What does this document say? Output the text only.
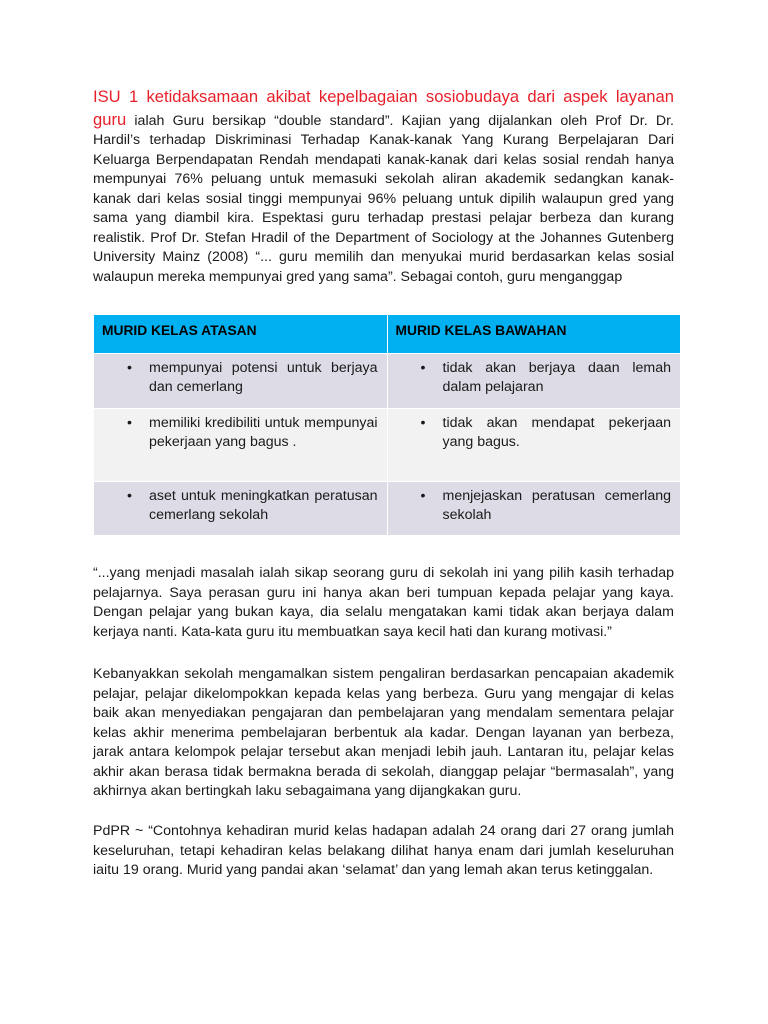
ISU 1 ketidaksamaan akibat kepelbagaian sosiobudaya dari aspek layanan guru ialah Guru bersikap “double standard”. Kajian yang dijalankan oleh Prof Dr. Dr. Hardil’s terhadap Diskriminasi Terhadap Kanak-kanak Yang Kurang Berpelajaran Dari Keluarga Berpendapatan Rendah mendapati kanak-kanak dari kelas sosial rendah hanya mempunyai 76% peluang untuk memasuki sekolah aliran akademik sedangkan kanak-kanak dari kelas sosial tinggi mempunyai 96% peluang untuk dipilih walaupun gred yang sama yang diambil kira. Espektasi guru terhadap prestasi pelajar berbeza dan kurang realistik. Prof Dr. Stefan Hradil of the Department of Sociology at the Johannes Gutenberg University Mainz (2008) “... guru memilih dan menyukai murid berdasarkan kelas sosial walaupun mereka mempunyai gred yang sama”. Sebagai contoh, guru menganggap

MURID KELAS ATASAN	MURID KELAS BAWAHAN

• mempunyai potensi untuk berjaya dan cemerlang	• tidak akan berjaya daan lemah dalam pelajaran

• memiliki kredibiliti untuk mempunyai pekerjaan yang bagus .	• tidak akan mendapat pekerjaan yang bagus.

• aset untuk meningkatkan peratusan cemerlang sekolah	• menjejaskan peratusan cemerlang sekolah

“...yang menjadi masalah ialah sikap seorang guru di sekolah ini yang pilih kasih terhadap pelajarnya. Saya perasan guru ini hanya akan beri tumpuan kepada pelajar yang kaya. Dengan pelajar yang bukan kaya, dia selalu mengatakan kami tidak akan berjaya dalam kerjaya nanti. Kata-kata guru itu membuatkan saya kecil hati dan kurang motivasi.”

Kebanyakkan sekolah mengamalkan sistem pengaliran berdasarkan pencapaian akademik pelajar, pelajar dikelompokkan kepada kelas yang berbeza. Guru yang mengajar di kelas baik akan menyediakan pengajaran dan pembelajaran yang mendalam sementara pelajar kelas akhir menerima pembelajaran berbentuk ala kadar. Dengan layanan yan berbeza, jarak antara kelompok pelajar tersebut akan menjadi lebih jauh. Lantaran itu, pelajar kelas akhir akan berasa tidak bermakna berada di sekolah, dianggap pelajar “bermasalah”, yang akhirnya akan bertingkah laku sebagaimana yang dijangkakan guru.

PdPR ~ “Contohnya kehadiran murid kelas hadapan adalah 24 orang dari 27 orang jumlah keseluruhan, tetapi kehadiran kelas belakang dilihat hanya enam dari jumlah keseluruhan iaitu 19 orang. Murid yang pandai akan ‘selamat’ dan yang lemah akan terus ketinggalan.
